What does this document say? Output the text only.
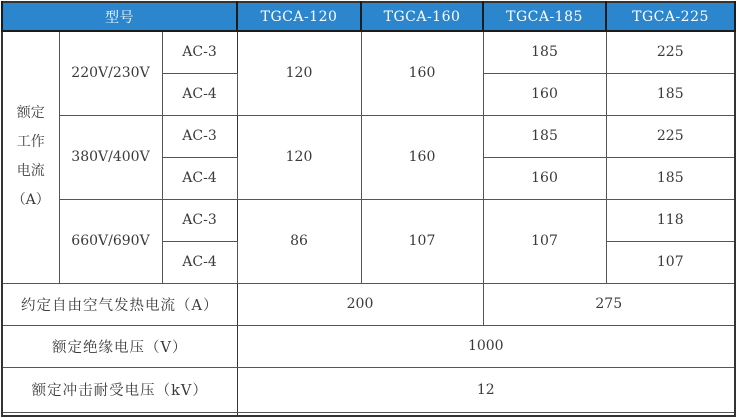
型号			TGCA-120	TGCA-160	TGCA-185	TGCA-225

额定
工作
电流
（A）	220V/230V	AC-3	120	160	185	225
		AC-4			160	185
	380V/400V	AC-3	120	160	185	225
		AC-4			160	185
	660V/690V	AC-3	86	107	107	118
		AC-4				107
约定自由空气发热电流（A）			200		275	
额定绝缘电压（V）			1000			
额定冲击耐受电压（kV）			12			
